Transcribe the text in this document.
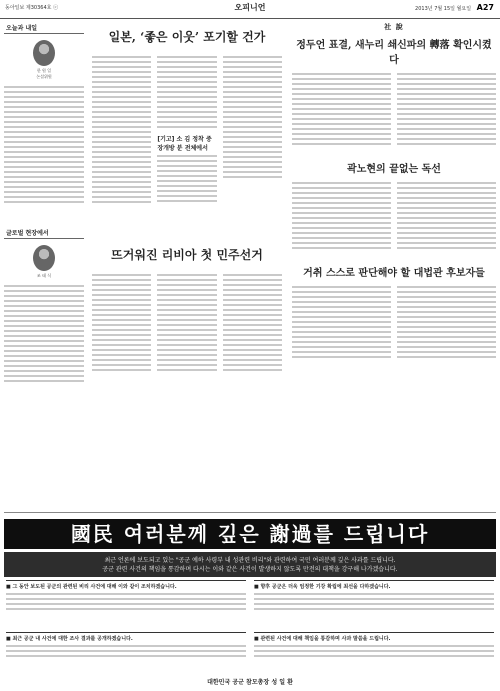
동아일보 제30364호 ⓒ	오피니언	2013년 7월 15일 월요일 A27
오늘과 내일
한 원 일
논설위원
글로벌 현장에서
조 태 식
일본, ‘좋은 이웃’ 포기할 건가
[기고] 소 김 정착 중장개방 분 전체에서
뜨거워진 리비아 첫 민주선거
社 說
정두언 표결, 새누리 쇄신파의 轉落 확인시켰다
곽노현의 끝없는 독선
거취 스스로 판단해야 할 대법관 후보자들
國民 여러분께 깊은 謝過를 드립니다
최근 언론에 보도되고 있는 "공군 예하 사령부 내 성관련 비리"와 관련하여 국민 여러분께 깊은 사과를 드립니다.
공군 관련 사건의 책임을 통감하며 다시는 이와 같은 사건이 발생하지 않도록 만전의 대책을 강구해 나가겠습니다.
■ 그 동안 보도된 공군의 관련된 비리 사건에 대해 이와 같이 조치하겠습니다.	■ 향후 공군은 더욱 엄정한 기강 확립에 최선을 다하겠습니다.
■ 최근 공군 내 사건에 대한 조사 결과를 공개하겠습니다.	■ 관련된 사건에 대해 책임을 통감하며 사과 말씀을 드립니다.
대한민국 공군 참모총장 성 일 환
